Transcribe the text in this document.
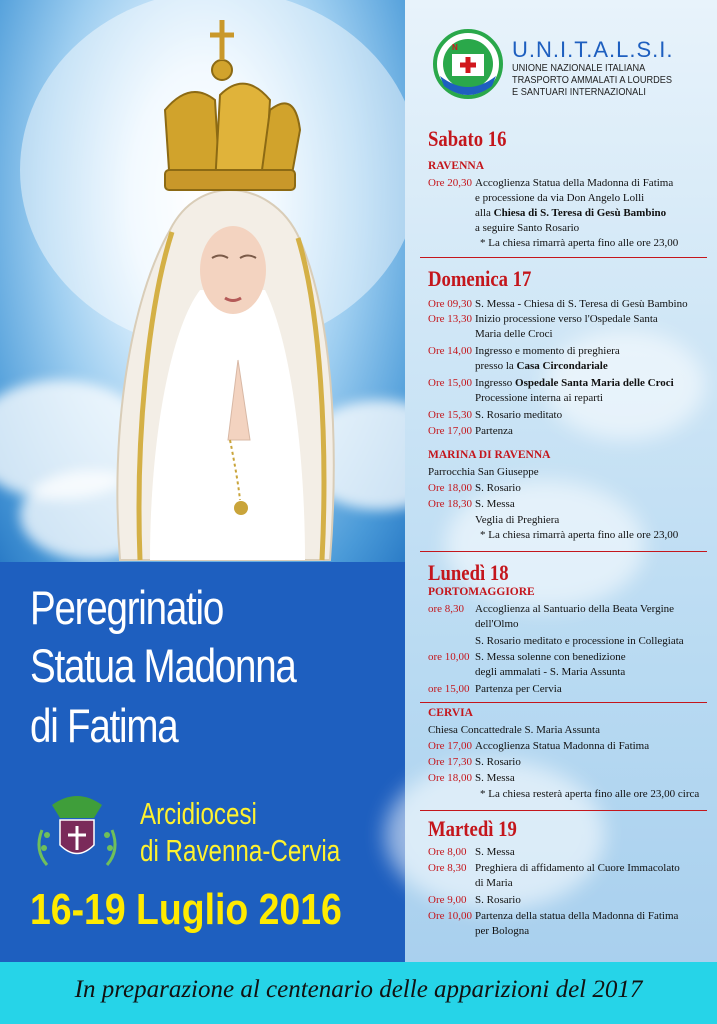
Peregrinatio
Statua Madonna
di Fatima
Arcidiocesi
di Ravenna-Cervia
16-19 Luglio 2016
N U.N.I.T.A.L.S.I.
UNIONE NAZIONALE ITALIANA
TRASPORTO AMMALATI A LOURDES
E SANTUARI INTERNAZIONALI
Sabato 16
RAVENNA
Ore 20,30 Accoglienza Statua della Madonna di Fatima
e processione da via Don Angelo Lolli
alla Chiesa di S. Teresa di Gesù Bambino
a seguire Santo Rosario
* La chiesa rimarrà aperta fino alle ore 23,00
Domenica 17
Ore 09,30 S. Messa - Chiesa di S. Teresa di Gesù Bambino
Ore 13,30 Inizio processione verso l'Ospedale Santa
Maria delle Croci
Ore 14,00 Ingresso e momento di preghiera
presso la Casa Circondariale
Ore 15,00 Ingresso Ospedale Santa Maria delle Croci
Processione interna ai reparti
Ore 15,30 S. Rosario meditato
Ore 17,00 Partenza
MARINA DI RAVENNA
Parrocchia San Giuseppe
Ore 18,00 S. Rosario
Ore 18,30 S. Messa
Veglia di Preghiera
* La chiesa rimarrà aperta fino alle ore 23,00
Lunedì 18
PORTOMAGGIORE
ore 8,30 Accoglienza al Santuario della Beata Vergine
dell'Olmo
S. Rosario meditato e processione in Collegiata
ore 10,00 S. Messa solenne con benedizione
degli ammalati - S. Maria Assunta
ore 15,00 Partenza per Cervia
CERVIA
Chiesa Concattedrale S. Maria Assunta
Ore 17,00 Accoglienza Statua Madonna di Fatima
Ore 17,30 S. Rosario
Ore 18,00 S. Messa
* La chiesa resterà aperta fino alle ore 23,00 circa
Martedì 19
Ore 8,00 S. Messa
Ore 8,30 Preghiera di affidamento al Cuore Immacolato
di Maria
Ore 9,00 S. Rosario
Ore 10,00 Partenza della statua della Madonna di Fatima
per Bologna
In preparazione al centenario delle apparizioni del 2017
